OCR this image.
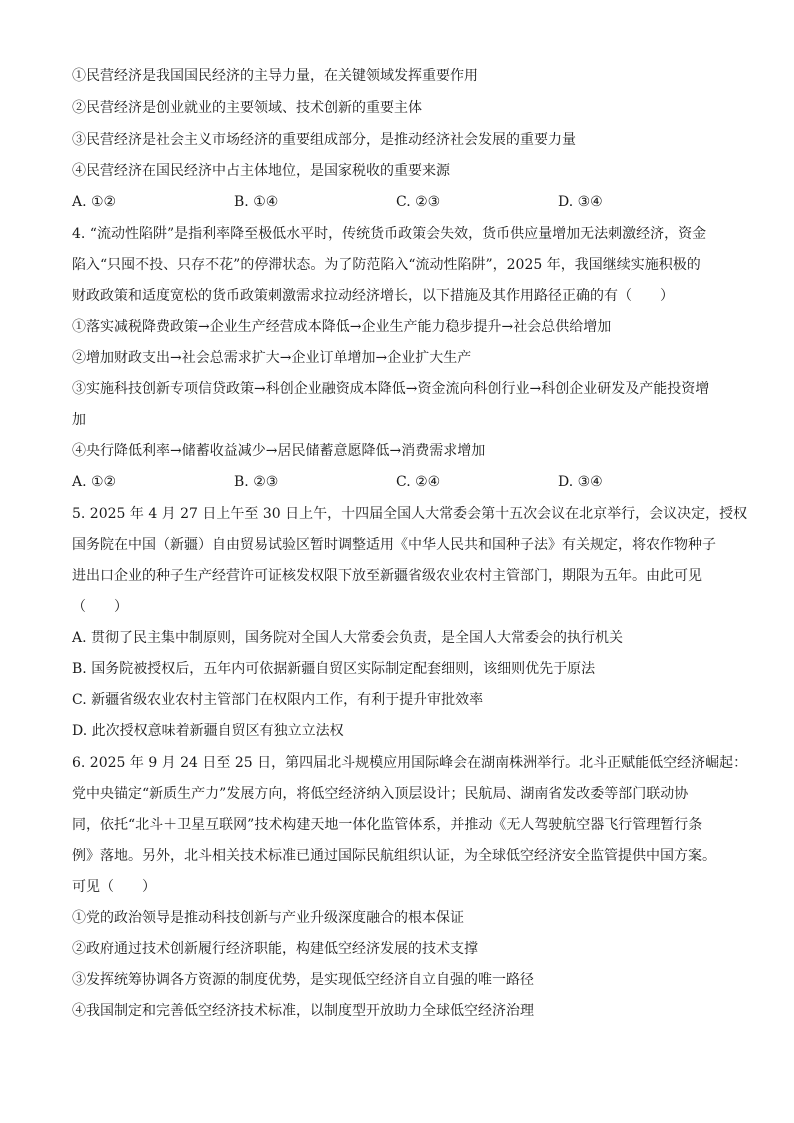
①民营经济是我国国民经济的主导力量，在关键领域发挥重要作用
②民营经济是创业就业的主要领域、技术创新的重要主体
③民营经济是社会主义市场经济的重要组成部分，是推动经济社会发展的重要力量
④民营经济在国民经济中占主体地位，是国家税收的重要来源
A. ①②	B. ①④	C. ②③	D. ③④
4. “流动性陷阱”是指利率降至极低水平时，传统货币政策会失效，货币供应量增加无法刺激经济，资金
陷入“只囤不投、只存不花”的停滞状态。为了防范陷入“流动性陷阱”，2025 年，我国继续实施积极的
财政政策和适度宽松的货币政策刺激需求拉动经济增长，以下措施及其作用路径正确的有（　　）
①落实减税降费政策→企业生产经营成本降低→企业生产能力稳步提升→社会总供给增加
②增加财政支出→社会总需求扩大→企业订单增加→企业扩大生产
③实施科技创新专项信贷政策→科创企业融资成本降低→资金流向科创行业→科创企业研发及产能投资增
加
④央行降低利率→储蓄收益减少→居民储蓄意愿降低→消费需求增加
A. ①②	B. ②③	C. ②④	D. ③④
5. 2025 年 4 月 27 日上午至 30 日上午，十四届全国人大常委会第十五次会议在北京举行，会议决定，授权
国务院在中国（新疆）自由贸易试验区暂时调整适用《中华人民共和国种子法》有关规定，将农作物种子
进出口企业的种子生产经营许可证核发权限下放至新疆省级农业农村主管部门，期限为五年。由此可见
（　　）
A. 贯彻了民主集中制原则，国务院对全国人大常委会负责，是全国人大常委会的执行机关
B. 国务院被授权后，五年内可依据新疆自贸区实际制定配套细则，该细则优先于原法
C. 新疆省级农业农村主管部门在权限内工作，有利于提升审批效率
D. 此次授权意味着新疆自贸区有独立立法权
6. 2025 年 9 月 24 日至 25 日，第四届北斗规模应用国际峰会在湖南株洲举行。北斗正赋能低空经济崛起：
党中央锚定“新质生产力”发展方向，将低空经济纳入顶层设计；民航局、湖南省发改委等部门联动协
同，依托“北斗＋卫星互联网”技术构建天地一体化监管体系，并推动《无人驾驶航空器飞行管理暂行条
例》落地。另外，北斗相关技术标准已通过国际民航组织认证，为全球低空经济安全监管提供中国方案。
可见（　　）
①党的政治领导是推动科技创新与产业升级深度融合的根本保证
②政府通过技术创新履行经济职能，构建低空经济发展的技术支撑
③发挥统筹协调各方资源的制度优势，是实现低空经济自立自强的唯一路径
④我国制定和完善低空经济技术标准，以制度型开放助力全球低空经济治理
